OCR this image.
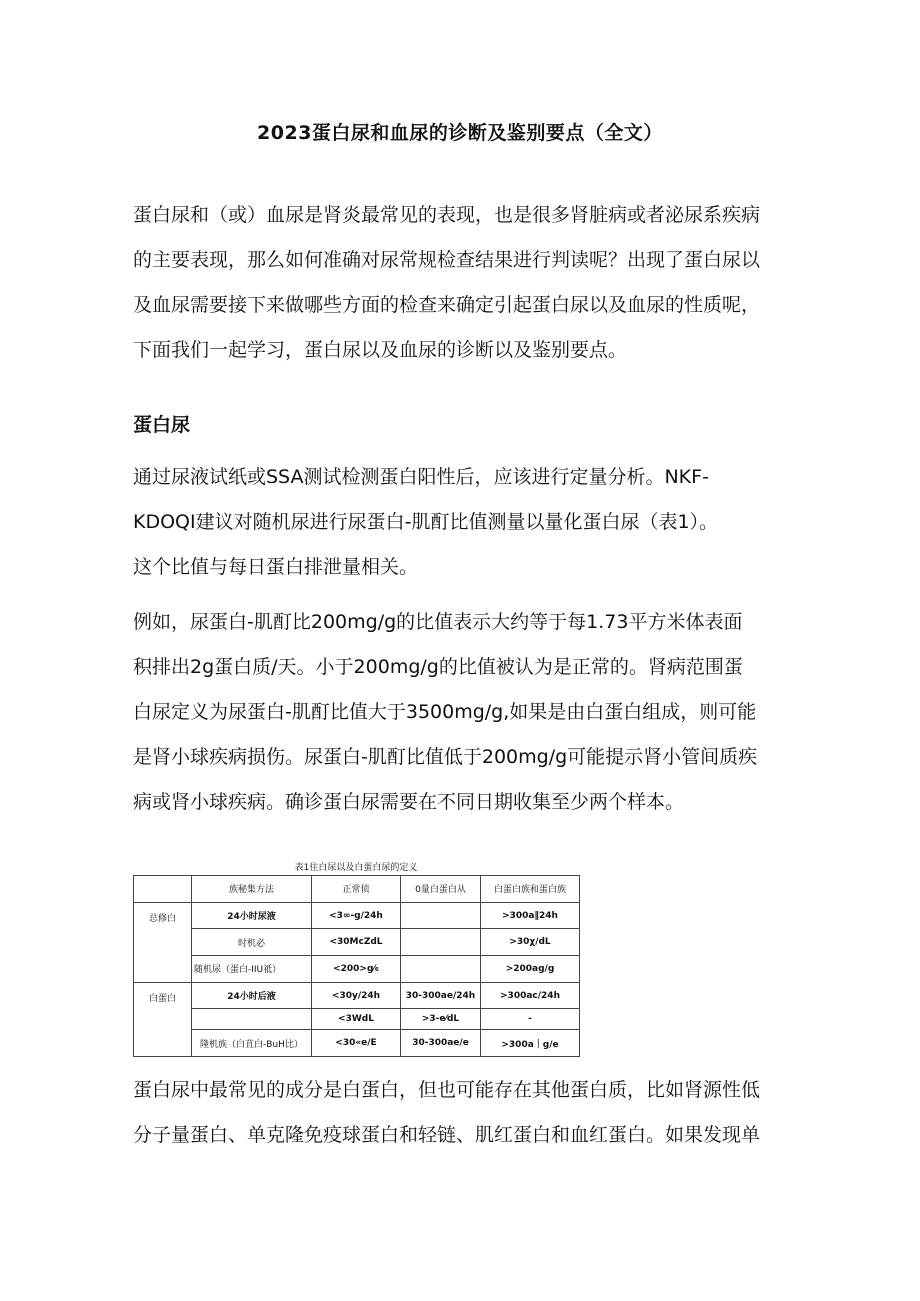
2023蛋白尿和血尿的诊断及鉴别要点（全文）
蛋白尿和（或）血尿是肾炎最常见的表现，也是很多肾脏病或者泌尿系疾病
的主要表现，那么如何准确对尿常规检查结果进行判读呢？出现了蛋白尿以
及血尿需要接下来做哪些方面的检查来确定引起蛋白尿以及血尿的性质呢，
下面我们一起学习，蛋白尿以及血尿的诊断以及鉴别要点。
蛋白尿
通过尿液试纸或SSA测试检测蛋白阳性后，应该进行定量分析。NKF-
KDOQI建议对随机尿进行尿蛋白-肌酊比值测量以量化蛋白尿（表1）。
这个比值与每日蛋白排泄量相关。
例如，尿蛋白-肌酊比200mg/g的比值表示大约等于每1.73平方米体表面
积排出2g蛋白质/天。小于200mg/g的比值被认为是正常的。肾病范围蛋
白尿定义为尿蛋白-肌酊比值大于3500mg/g,如果是由白蛋白组成，则可能
是肾小球疾病损伤。尿蛋白-肌酊比值低于200mg/g可能提示肾小管间质疾
病或肾小球疾病。确诊蛋白尿需要在不同日期收集至少两个样本。
表1住白尿以及白蛋白尿的定义
	族秘集方法	正常侦	0量白蛋白从	白蛋白族和蛋白族
总修白	24小时尿液	<3∞-g/24h		>300a∥24h
	时机必	<30McZdL		>30χ/dL
	随机尿（蛋白-IIU祗）	<200>g⁄₆		>200ag/g
白蛋白	24小时后液	<30y/24h	30-300ae∕24h	>300ac/24h
		<3WdL	>3-e⁄dL	-
	隆机族（白苴白-BuH比）	<30«e/E	30-300ae/e	>300a｜g/e
蛋白尿中最常见的成分是白蛋白，但也可能存在其他蛋白质，比如肾源性低
分子量蛋白、单克隆免疫球蛋白和轻链、肌红蛋白和血红蛋白。如果发现单
